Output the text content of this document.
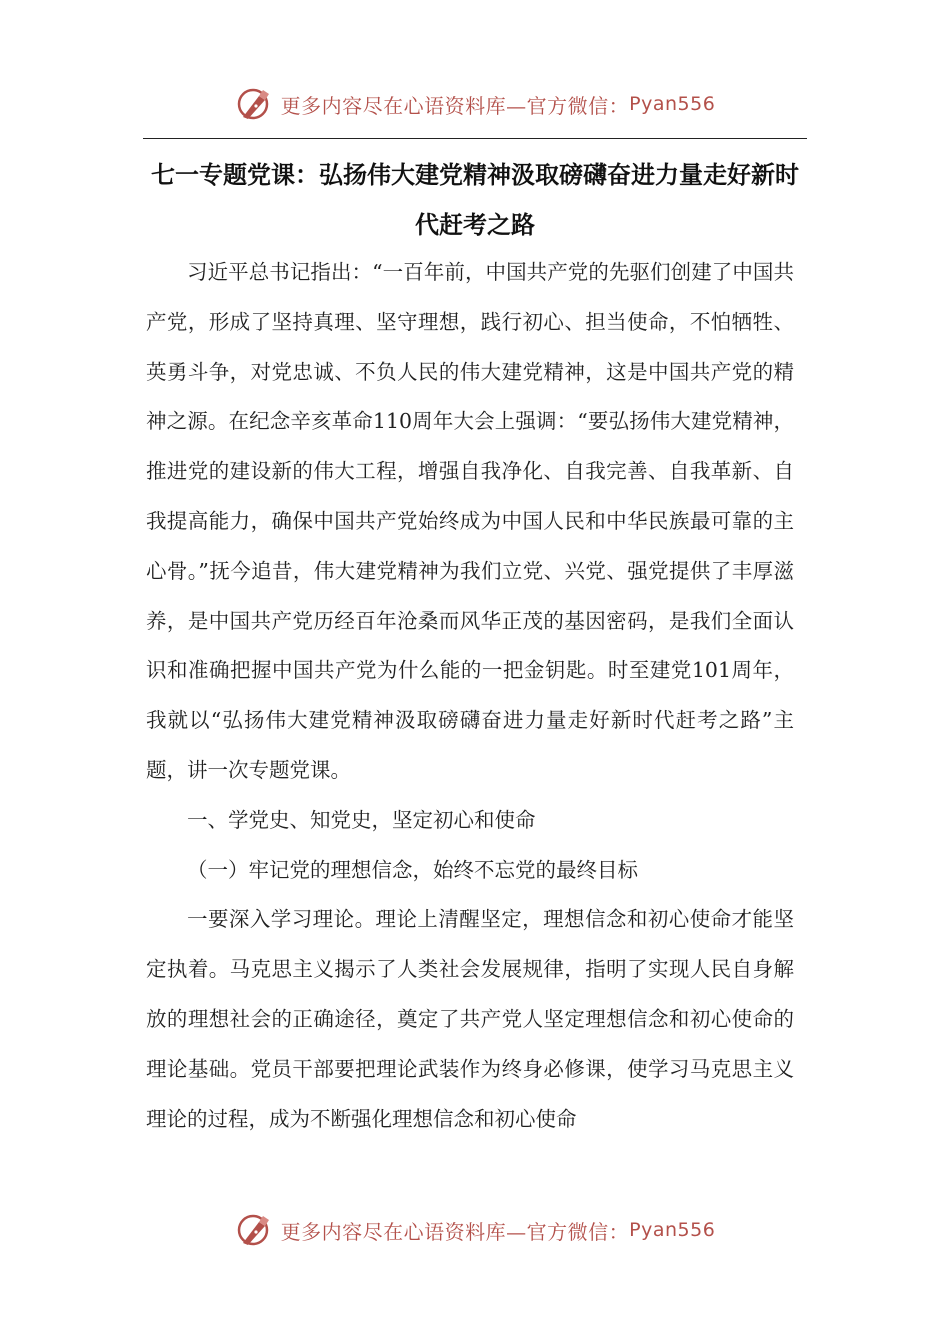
更多内容尽在心语资料库—官方微信： Pyan556
七一专题党课：弘扬伟大建党精神汲取磅礴奋进力量走好新时代赶考之路

习近平总书记指出：“一百年前，中国共产党的先驱们创建了中国共产党，形成了坚持真理、坚守理想，践行初心、担当使命，不怕牺牲、英勇斗争，对党忠诚、不负人民的伟大建党精神，这是中国共产党的精神之源。在纪念辛亥革命110周年大会上强调：“要弘扬伟大建党精神，推进党的建设新的伟大工程，增强自我净化、自我完善、自我革新、自我提高能力，确保中国共产党始终成为中国人民和中华民族最可靠的主心骨。”抚今追昔，伟大建党精神为我们立党、兴党、强党提供了丰厚滋养，是中国共产党历经百年沧桑而风华正茂的基因密码，是我们全面认识和准确把握中国共产党为什么能的一把金钥匙。时至建党101周年，我就以“弘扬伟大建党精神汲取磅礴奋进力量走好新时代赶考之路”主题，讲一次专题党课。

一、学党史、知党史，坚定初心和使命

（一）牢记党的理想信念，始终不忘党的最终目标

一要深入学习理论。理论上清醒坚定，理想信念和初心使命才能坚定执着。马克思主义揭示了人类社会发展规律，指明了实现人民自身解放的理想社会的正确途径，奠定了共产党人坚定理想信念和初心使命的理论基础。党员干部要把理论武装作为终身必修课，使学习马克思主义理论的过程，成为不断强化理想信念和初心使命

更多内容尽在心语资料库—官方微信： Pyan556
